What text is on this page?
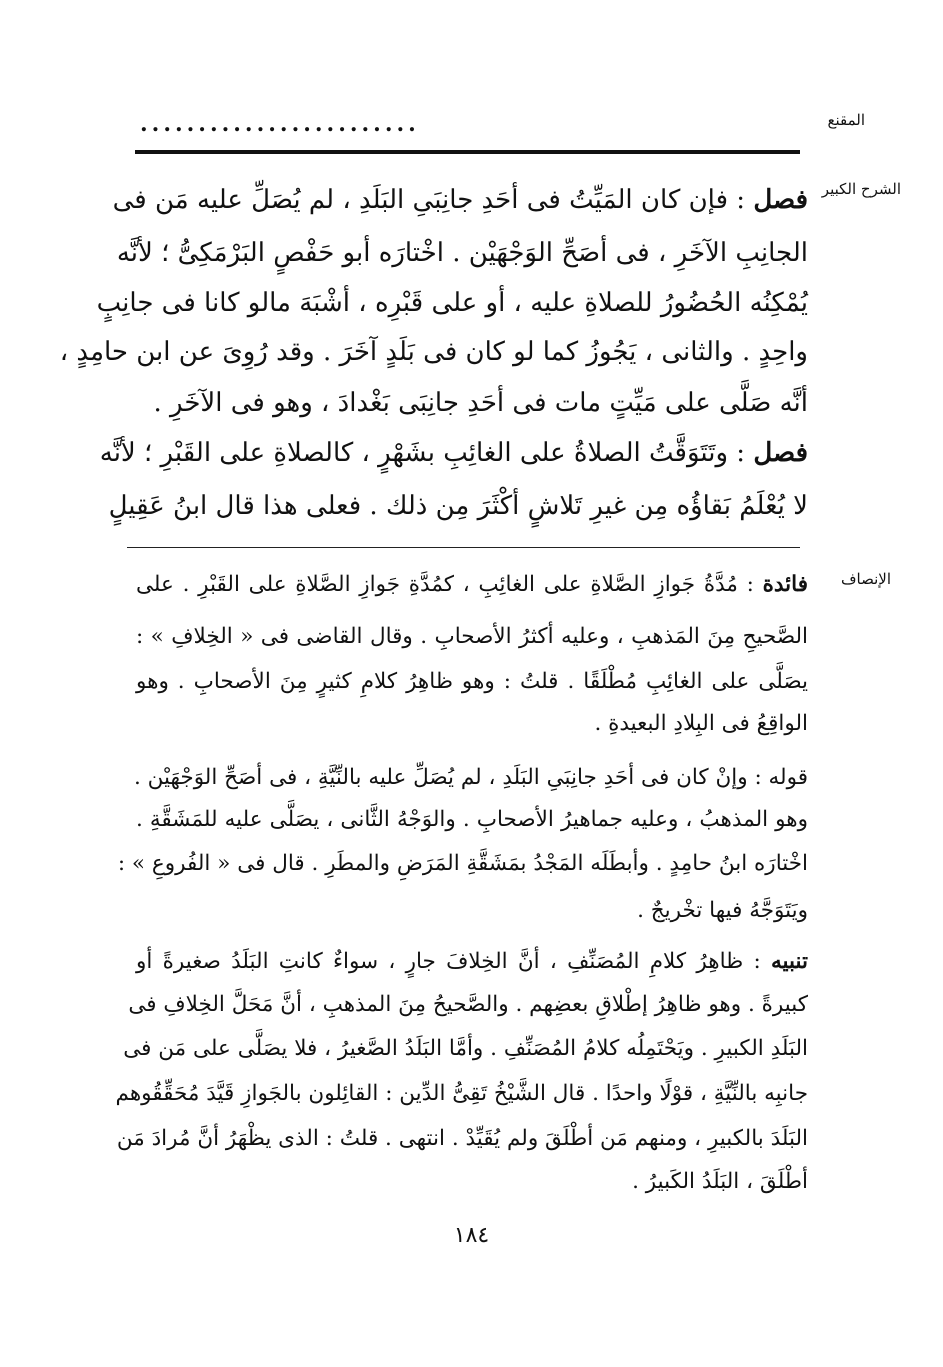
المقنع
........................
الشرح الكبير
فصل : فإن كان المَيِّتُ فى أحَدِ جانِبَىِ البَلَدِ ، لم يُصَلِّ عليه مَن فى
الجانِبِ الآخَرِ ، فى أصَحِّ الوَجْهَيْن . اخْتارَه أبو حَفْصٍ البَرْمَكِىُّ ؛ لأنَّه
يُمْكِنُه الحُضُورُ للصلاةِ عليه ، أو على قَبْرِه ، أشْبَهَ مالو كانا فى جانِبٍ
واحِدٍ . والثانى ، يَجُوزُ كما لو كان فى بَلَدٍ آخَرَ . وقد رُوِىَ عن ابن حامِدٍ ،
أنَّه صَلَّى على مَيِّتٍ مات فى أحَدِ جانِبَى بَغْدادَ ، وهو فى الآخَرِ .
فصل : وتَتَوَقَّتُ الصلاةُ على الغائِبِ بشَهْرٍ ، كالصلاةِ على القَبْرِ ؛ لأنَّه
لا يُعْلَمُ بَقاؤُه مِن غيرِ تَلاشٍ أكْثَرَ مِن ذلك . فعلى هذا قال ابنُ عَقِيلٍ
الإنصاف
فائدة : مُدَّةُ جَوازِ الصَّلاةِ على الغائِبِ ، كمُدَّةِ جَوازِ الصَّلاةِ على القَبْرِ . على
الصَّحيحِ مِنَ المَذهبِ ، وعليه أكثرُ الأصحابِ . وقال القاضى فى « الخِلافِ » :
يصَلَّى على الغائِبِ مُطْلَقًا . قلتُ : وهو ظاهِرُ كلامِ كثيرٍ مِنَ الأصحابِ . وهو
الواقِعُ فى البِلادِ البعيدةِ .
قوله : وإنْ كان فى أحَدِ جانِبَىِ البَلَدِ ، لم يُصَلِّ عليه بالنِّيَّةِ ، فى أصَحِّ الوَجْهَيْن .
وهو المذهبُ ، وعليه جماهيرُ الأصحابِ . والوَجْهُ الثَّانى ، يصَلَّى عليه للمَشَقَّةِ .
اخْتارَه ابنُ حامِدٍ . وأبطَلَه المَجْدُ بمَشَقَّةِ المَرَضِ والمطَرِ . قال فى « الفُروعِ » :
ويَتَوَجَّهُ فيها تخْريجٌ .
تنبيه : ظاهِرُ كلامِ المُصَنِّفِ ، أنَّ الخِلافَ جارٍ ، سواءٌ كانتِ البَلَدُ صغيرةً أو
كبيرةً . وهو ظاهِرُ إطْلاقِ بعضِهم . والصَّحيحُ مِنَ المذهبِ ، أنَّ مَحَلَّ الخِلافِ فى
البَلَدِ الكبيرِ . ويَحْتَمِلُه كلامُ المُصَنِّفِ . وأمَّا البَلَدُ الصَّغيرُ ، فلا يصَلَّى على مَن فى
جانبِه بالنِّيَّةِ ، قوْلًا واحدًا . قال الشَّيْخُ تَقِىُّ الدِّين : القائِلون بالجَوازِ قَيَّدَ مُحَقِّقُوهم
البَلَدَ بالكبيرِ ، ومنهم مَن أطْلَقَ ولم يُقَيِّدْ . انتهى . قلتُ : الذى يظْهَرُ أنَّ مُرادَ مَن
أطْلَقَ ، البَلَدُ الكَبيرُ .
١٨٤
